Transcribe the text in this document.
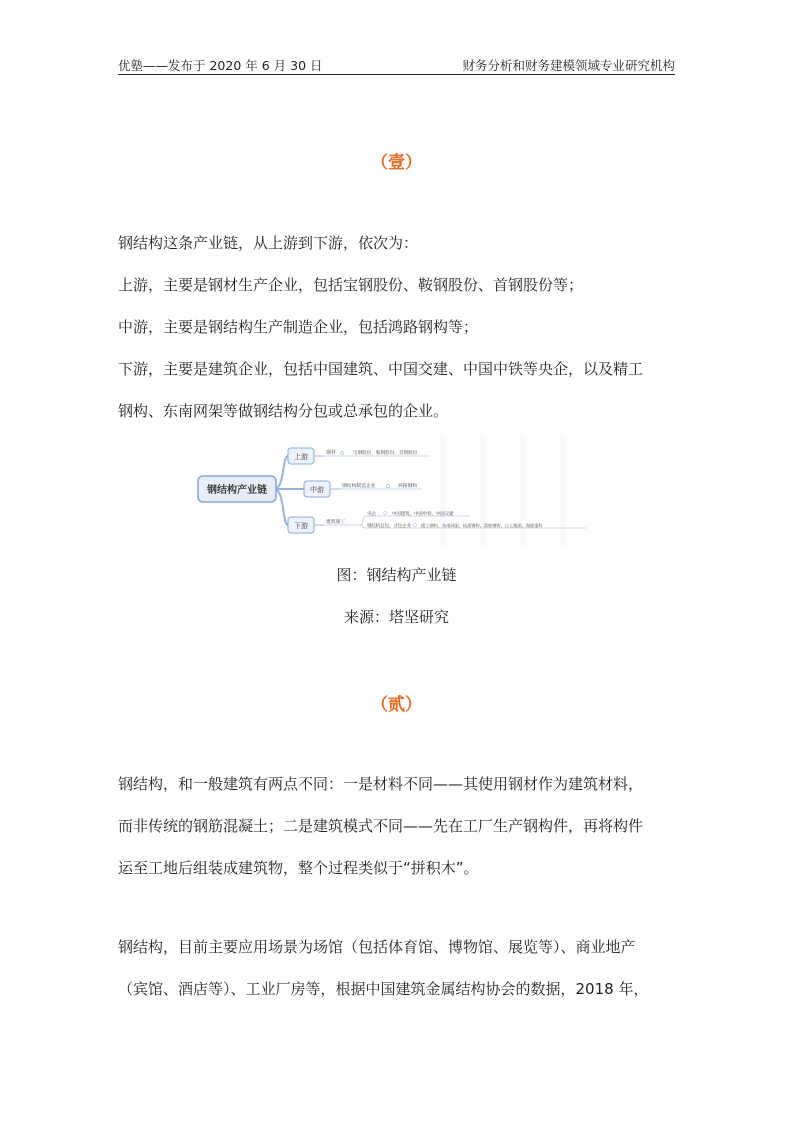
优塾——发布于 2020 年 6 月 30 日	财务分析和财务建模领域专业研究机构
（壹）

钢结构这条产业链，从上游到下游，依次为：

上游，主要是钢材生产企业，包括宝钢股份、鞍钢股份、首钢股份等；

中游，主要是钢结构生产制造企业，包括鸿路钢构等；

下游，主要是建筑企业，包括中国建筑、中国交建、中国中铁等央企，以及精工

钢构、东南网架等做钢结构分包或总承包的企业。

钢结构产业链
上游	钢材	宝钢股份、鞍钢股份、首钢股份
中游	钢结构制造企业	鸿路钢构
下游	建筑施工
央企	中国建筑、中国中铁、中国交建
钢结构总包、分包企业 精工钢构、东南网架、杭萧钢构、富煌钢构、日上集团、海波重科
图：钢结构产业链
来源：塔坚研究
（贰）

钢结构，和一般建筑有两点不同：一是材料不同——其使用钢材作为建筑材料，

而非传统的钢筋混凝土；二是建筑模式不同——先在工厂生产钢构件，再将构件

运至工地后组装成建筑物，整个过程类似于“拼积木”。

钢结构，目前主要应用场景为场馆（包括体育馆、博物馆、展览等）、商业地产

（宾馆、酒店等）、工业厂房等，根据中国建筑金属结构协会的数据，2018 年，
